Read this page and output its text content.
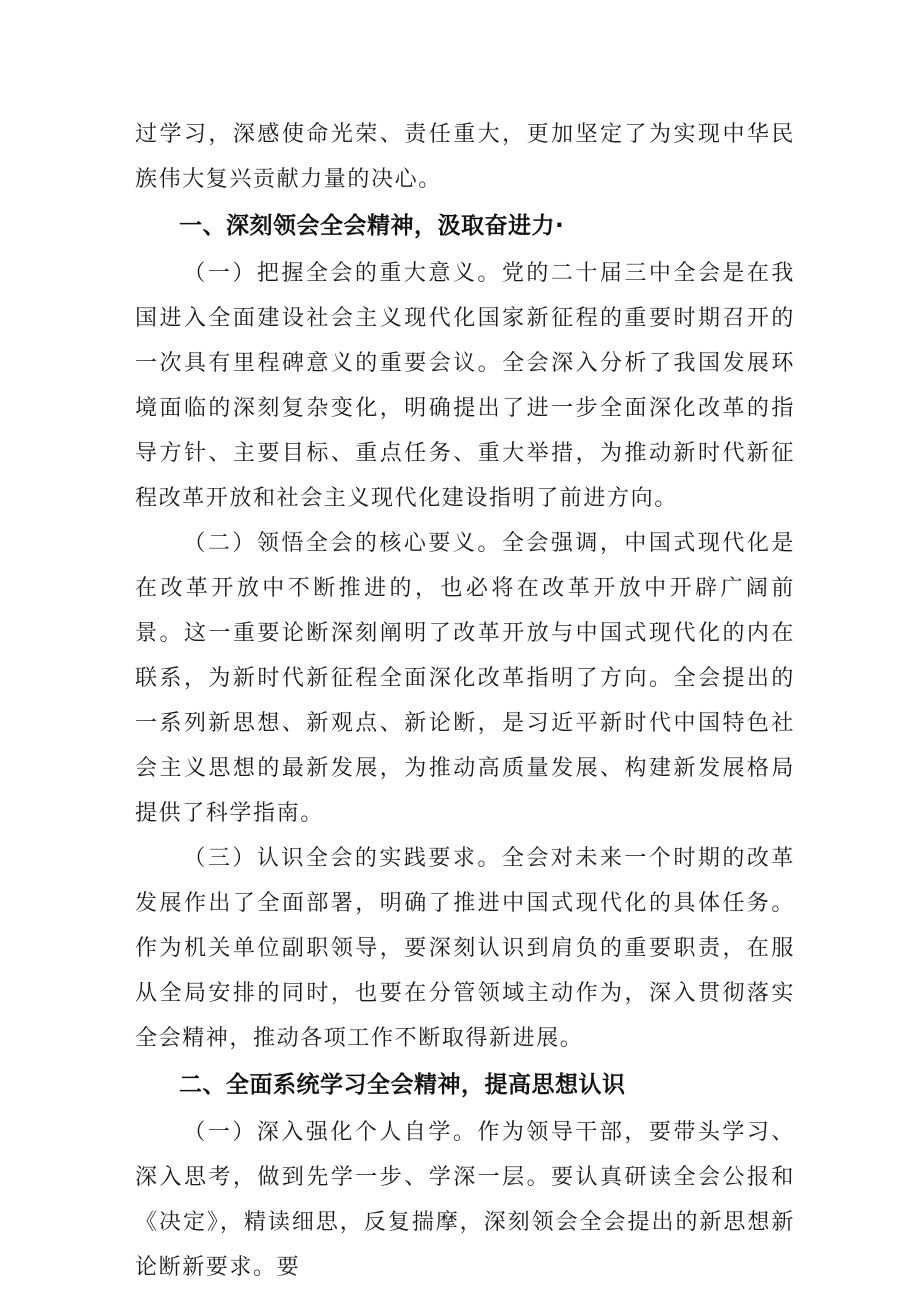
过学习，深感使命光荣、责任重大，更加坚定了为实现中华民族伟大复兴贡献力量的决心。

一、深刻领会全会精神，汲取奋进力·

（一）把握全会的重大意义。党的二十届三中全会是在我国进入全面建设社会主义现代化国家新征程的重要时期召开的一次具有里程碑意义的重要会议。全会深入分析了我国发展环境面临的深刻复杂变化，明确提出了进一步全面深化改革的指导方针、主要目标、重点任务、重大举措，为推动新时代新征程改革开放和社会主义现代化建设指明了前进方向。

（二）领悟全会的核心要义。全会强调，中国式现代化是在改革开放中不断推进的，也必将在改革开放中开辟广阔前景。这一重要论断深刻阐明了改革开放与中国式现代化的内在联系，为新时代新征程全面深化改革指明了方向。全会提出的一系列新思想、新观点、新论断，是习近平新时代中国特色社会主义思想的最新发展，为推动高质量发展、构建新发展格局提供了科学指南。

（三）认识全会的实践要求。全会对未来一个时期的改革发展作出了全面部署，明确了推进中国式现代化的具体任务。作为机关单位副职领导，要深刻认识到肩负的重要职责，在服从全局安排的同时，也要在分管领域主动作为，深入贯彻落实全会精神，推动各项工作不断取得新进展。

二、全面系统学习全会精神，提高思想认识

（一）深入强化个人自学。作为领导干部，要带头学习、深入思考，做到先学一步、学深一层。要认真研读全会公报和《决定》，精读细思，反复揣摩，深刻领会全会提出的新思想新论断新要求。要
